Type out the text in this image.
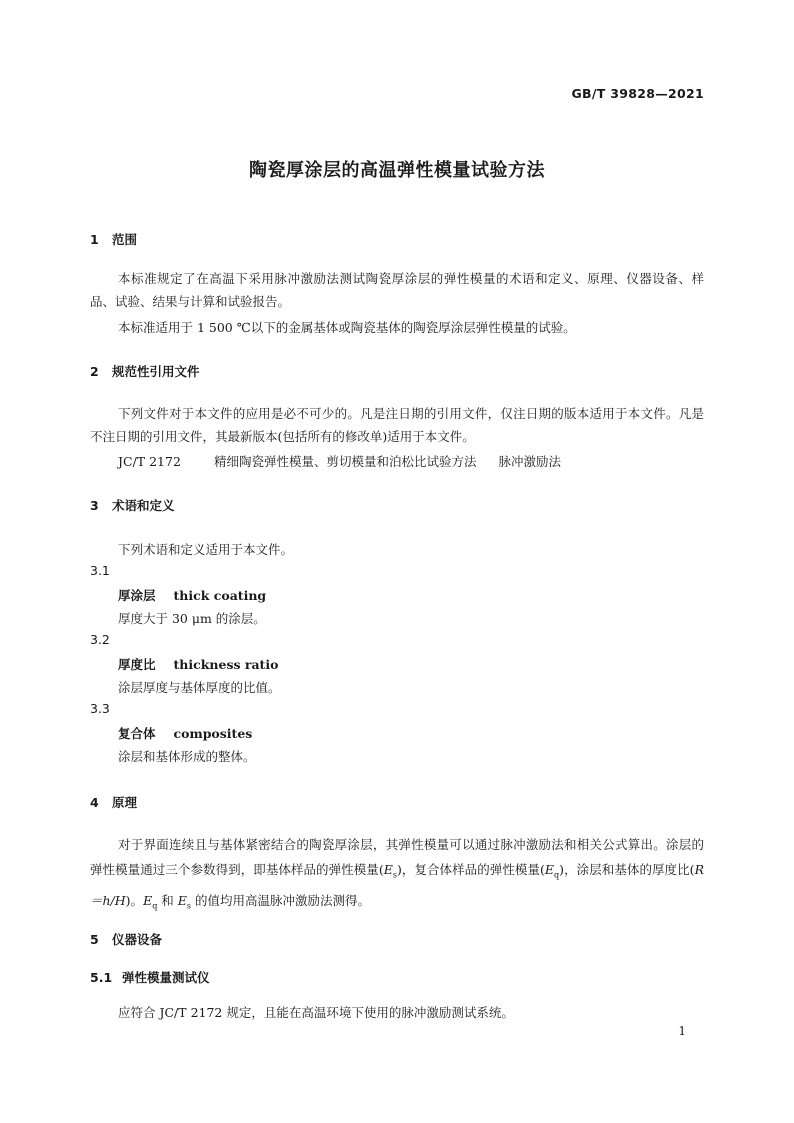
GB/T 39828—2021
陶瓷厚涂层的高温弹性模量试验方法
1 范围
本标准规定了在高温下采用脉冲激励法测试陶瓷厚涂层的弹性模量的术语和定义、原理、仪器设备、样品、试验、结果与计算和试验报告。
本标准适用于 1 500 ℃以下的金属基体或陶瓷基体的陶瓷厚涂层弹性模量的试验。
2 规范性引用文件
下列文件对于本文件的应用是必不可少的。凡是注日期的引用文件，仅注日期的版本适用于本文件。凡是不注日期的引用文件，其最新版本(包括所有的修改单)适用于本文件。
JC/T 2172	精细陶瓷弹性模量、剪切模量和泊松比试验方法 脉冲激励法
3 术语和定义
下列术语和定义适用于本文件。
3.1
厚涂层 thick coating
厚度大于 30 μm 的涂层。
3.2
厚度比 thickness ratio
涂层厚度与基体厚度的比值。
3.3
复合体 composites
涂层和基体形成的整体。
4 原理
对于界面连续且与基体紧密结合的陶瓷厚涂层，其弹性模量可以通过脉冲激励法和相关公式算出。涂层的弹性模量通过三个参数得到，即基体样品的弹性模量$(E_s)$，复合体样品的弹性模量$(E_q)$，涂层和基体的厚度比(R＝h/H)。$E_q$ 和 $E_s$ 的值均用高温脉冲激励法测得。
5 仪器设备
5.1 弹性模量测试仪
应符合 JC/T 2172 规定，且能在高温环境下使用的脉冲激励测试系统。
1
